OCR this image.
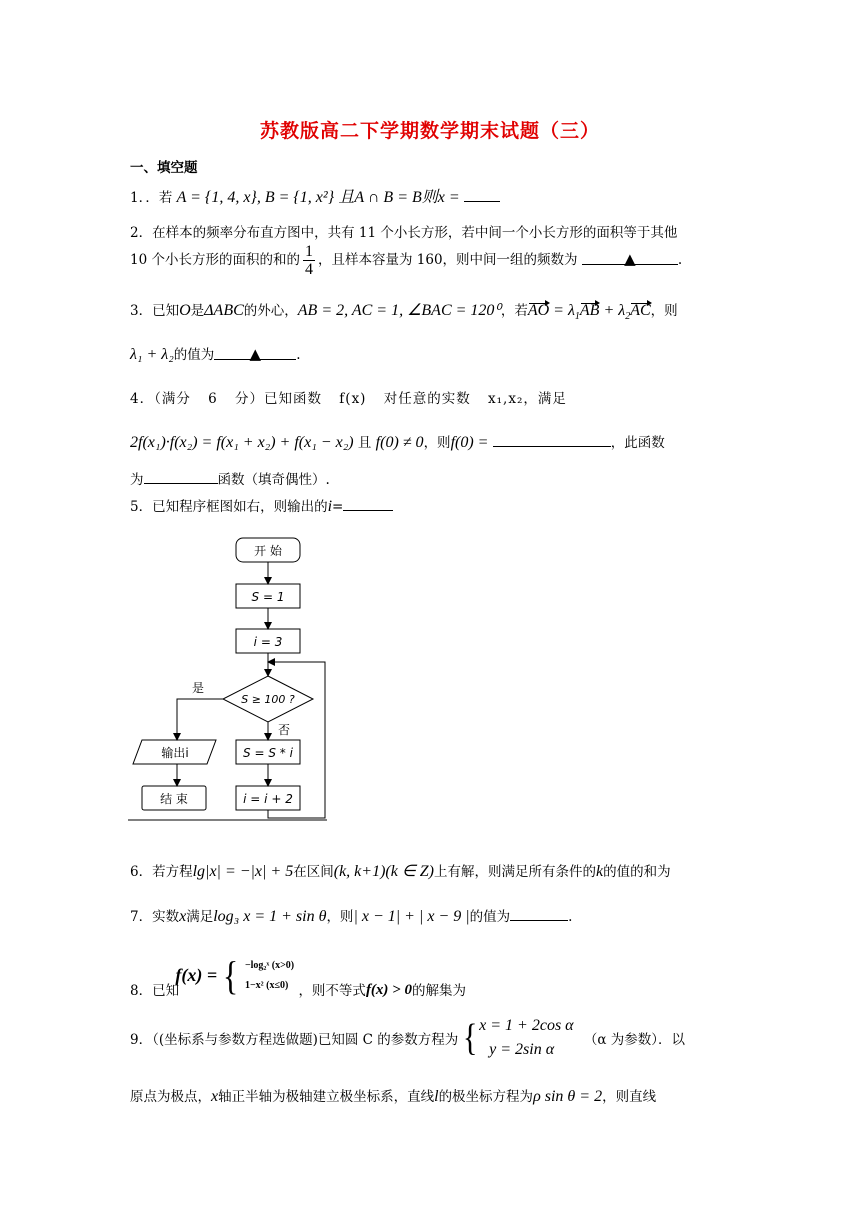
苏教版高二下学期数学期末试题（三）
一、填空题
1．．若 A = {1, 4, x}, B = {1, x²} 且A ∩ B = B则x =
2．在样本的频率分布直方图中，共有 11 个小长方形，若中间一个小长方形的面积等于其他
10 个小长方形的面积的和的 $\frac{1}{4}$ ，且样本容量为 160，则中间一组的频数为	▲	.
3．已知O是ΔABC的外心，AB = 2, AC = 1, ∠BAC = 120⁰，若AO = $\lambda_1AB + \lambda_2AC$，则
λ₁ + λ₂的值为 ▲	.
4．（满分 6 分）已知函数 f(x) 对任意的实数 x₁,x₂，满足
2f(x₁)·f(x₂) = f(x₁ + x₂) + f(x₁ − x₂) 且 f(0) ≠ 0，则f(0) =	，此函数
为	函数（填奇偶性）.
5．已知程序框图如右，则输出的i=
开 始
S = 1
i = 3
S ≥ 100 ?
是
否
输出i	S = S * i
结 束	i = i + 2
6．若方程lg|x| = −|x| + 5在区间(k, k+1)(k ∈ Z)上有解，则满足所有条件的k的值的和为
7．实数x满足log₃ x = 1 + sin θ，则| x − 1| + | x − 9 |的值为	.
8．已知 f(x) = { −log₂ˣ (x>0)
1−x² (x≤0) ，则不等式f(x) > 0的解集为
9．（(坐标系与参数方程选做题)已知圆 C 的参数方程为 { x = 1 + 2cos α
y = 2sin α
（α 为参数）．以
原点为极点，x轴正半轴为极轴建立极坐标系，直线l的极坐标方程为ρ sin θ = 2，则直线
